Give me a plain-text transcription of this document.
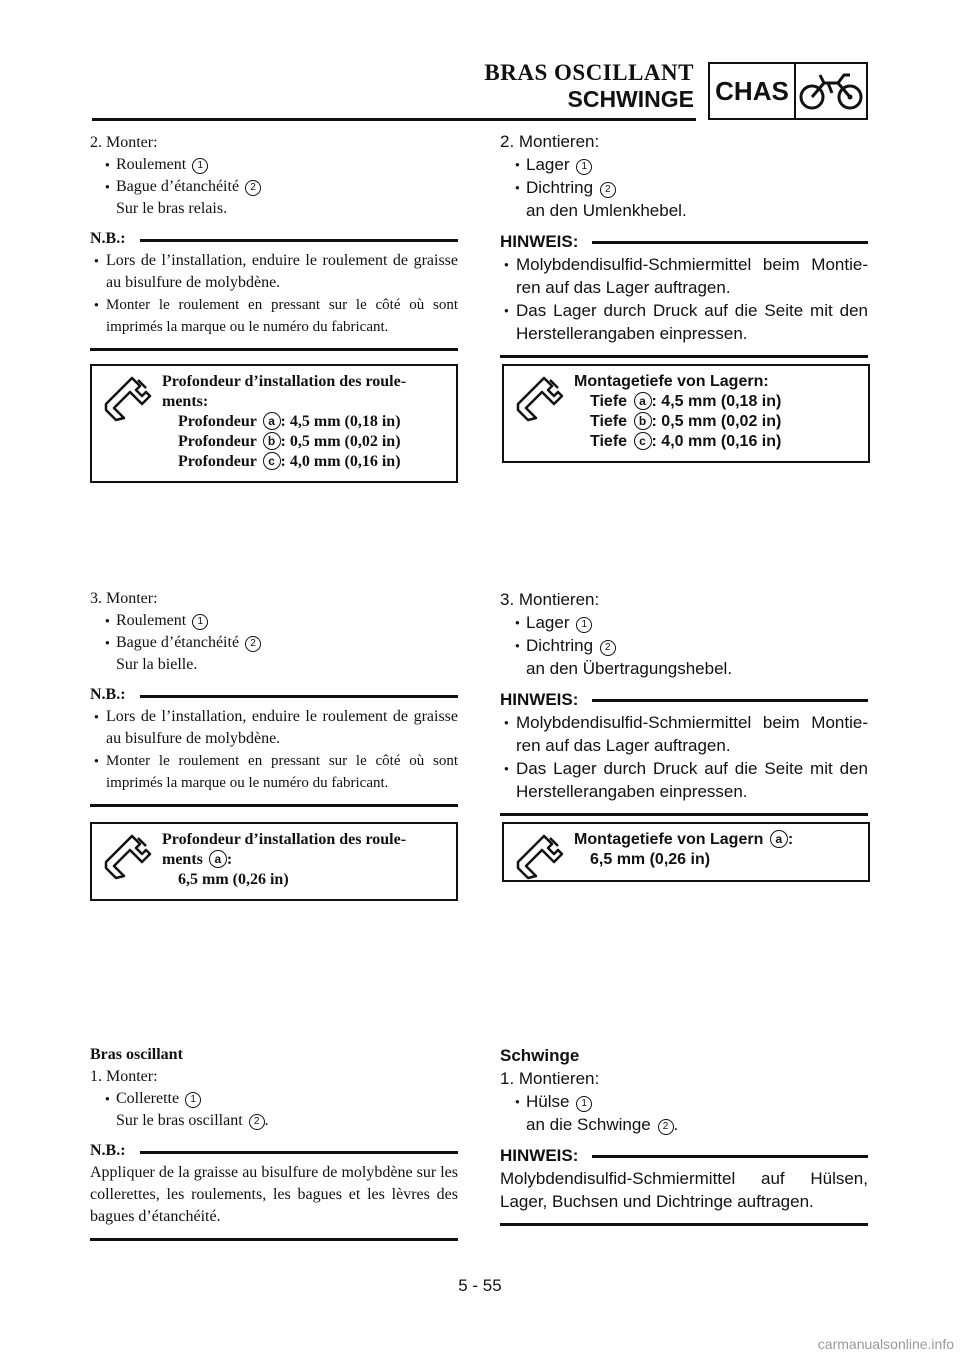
BRAS OSCILLANT
SCHWINGE CHAS
2. Monter:
● Roulement 1
● Bague d’étanchéité 2
Sur le bras relais.
N.B.:
● Lors de l’installation, enduire le roulement de graisse au bisulfure de molybdène.
● Monter le roulement en pressant sur le côté où sont imprimés la marque ou le numéro du fabricant.
Profondeur d’installation des roule-
ments:
Profondeur a : 4,5 mm (0,18 in)
Profondeur b : 0,5 mm (0,02 in)
Profondeur c : 4,0 mm (0,16 in)
2. Montieren:
● Lager 1
● Dichtring 2
an den Umlenkhebel.
HINWEIS:
● Molybdendisulfid-Schmiermittel beim Montie-ren auf das Lager auftragen.
● Das Lager durch Druck auf die Seite mit den Herstellerangaben einpressen.
Montagetiefe von Lagern:
Tiefe a : 4,5 mm (0,18 in)
Tiefe b : 0,5 mm (0,02 in)
Tiefe c : 4,0 mm (0,16 in)
3. Monter:
● Roulement 1
● Bague d’étanchéité 2
Sur la bielle.
N.B.:
● Lors de l’installation, enduire le roulement de graisse au bisulfure de molybdène.
● Monter le roulement en pressant sur le côté où sont imprimés la marque ou le numéro du fabricant.
Profondeur d’installation des roule-
ments a :
6,5 mm (0,26 in)
3. Montieren:
● Lager 1
● Dichtring 2
an den Übertragungshebel.
HINWEIS:
● Molybdendisulfid-Schmiermittel beim Montie-ren auf das Lager auftragen.
● Das Lager durch Druck auf die Seite mit den Herstellerangaben einpressen.
Montagetiefe von Lagern a :
6,5 mm (0,26 in)
Bras oscillant
1. Monter:
● Collerette 1
Sur le bras oscillant 2 .
N.B.:
Appliquer de la graisse au bisulfure de molybdène sur les collerettes, les roulements, les bagues et les lèvres des bagues d’étanchéité.
Schwinge
1. Montieren:
● Hülse 1
an die Schwinge 2 .
HINWEIS:
Molybdendisulfid-Schmiermittel auf Hülsen, Lager, Buchsen und Dichtringe auftragen.
5 - 55
carmanualsonline.info
